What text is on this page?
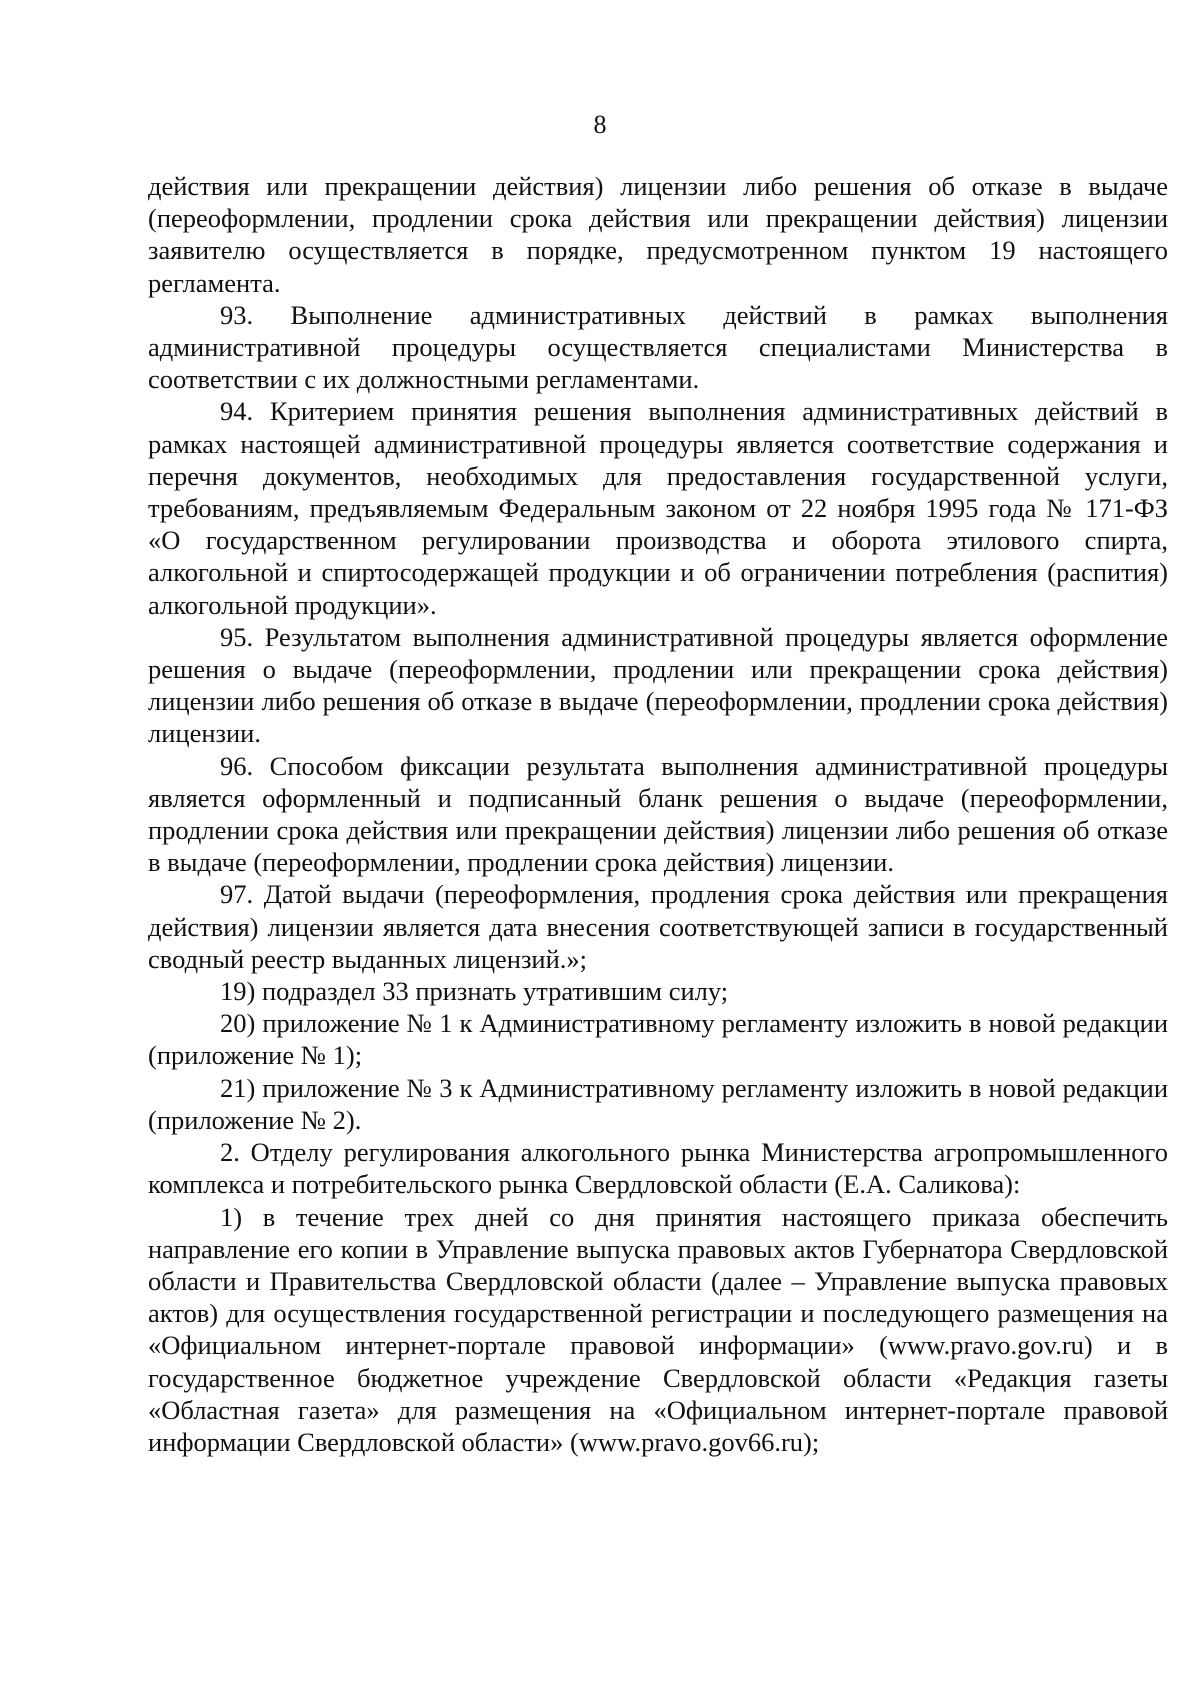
8

действия или прекращении действия) лицензии либо решения об отказе в выдаче (переоформлении, продлении срока действия или прекращении действия) лицензии заявителю осуществляется в порядке, предусмотренном пунктом 19 настоящего регламента.

93. Выполнение административных действий в рамках выполнения административной процедуры осуществляется специалистами Министерства в соответствии с их должностными регламентами.

94. Критерием принятия решения выполнения административных действий в рамках настоящей административной процедуры является соответствие содержания и перечня документов, необходимых для предоставления государственной услуги, требованиям, предъявляемым Федеральным законом от 22 ноября 1995 года № 171-ФЗ «О государственном регулировании производства и оборота этилового спирта, алкогольной и спиртосодержащей продукции и об ограничении потребления (распития) алкогольной продукции».

95. Результатом выполнения административной процедуры является оформление решения о выдаче (переоформлении, продлении или прекращении срока действия) лицензии либо решения об отказе в выдаче (переоформлении, продлении срока действия) лицензии.

96. Способом фиксации результата выполнения административной процедуры является оформленный и подписанный бланк решения о выдаче (переоформлении, продлении срока действия или прекращении действия) лицензии либо решения об отказе в выдаче (переоформлении, продлении срока действия) лицензии.

97. Датой выдачи (переоформления, продления срока действия или прекращения действия) лицензии является дата внесения соответствующей записи в государственный сводный реестр выданных лицензий.»;

19) подраздел 33 признать утратившим силу;

20) приложение № 1 к Административному регламенту изложить в новой редакции (приложение № 1);

21) приложение № 3 к Административному регламенту изложить в новой редакции (приложение № 2).

2. Отделу регулирования алкогольного рынка Министерства агропромышленного комплекса и потребительского рынка Свердловской области (Е.А. Саликова):

1) в течение трех дней со дня принятия настоящего приказа обеспечить направление его копии в Управление выпуска правовых актов Губернатора Свердловской области и Правительства Свердловской области (далее – Управление выпуска правовых актов) для осуществления государственной регистрации и последующего размещения на «Официальном интернет-портале правовой информации» (www.pravo.gov.ru) и в государственное бюджетное учреждение Свердловской области «Редакция газеты «Областная газета» для размещения на «Официальном интернет-портале правовой информации Свердловской области» (www.pravo.gov66.ru);
